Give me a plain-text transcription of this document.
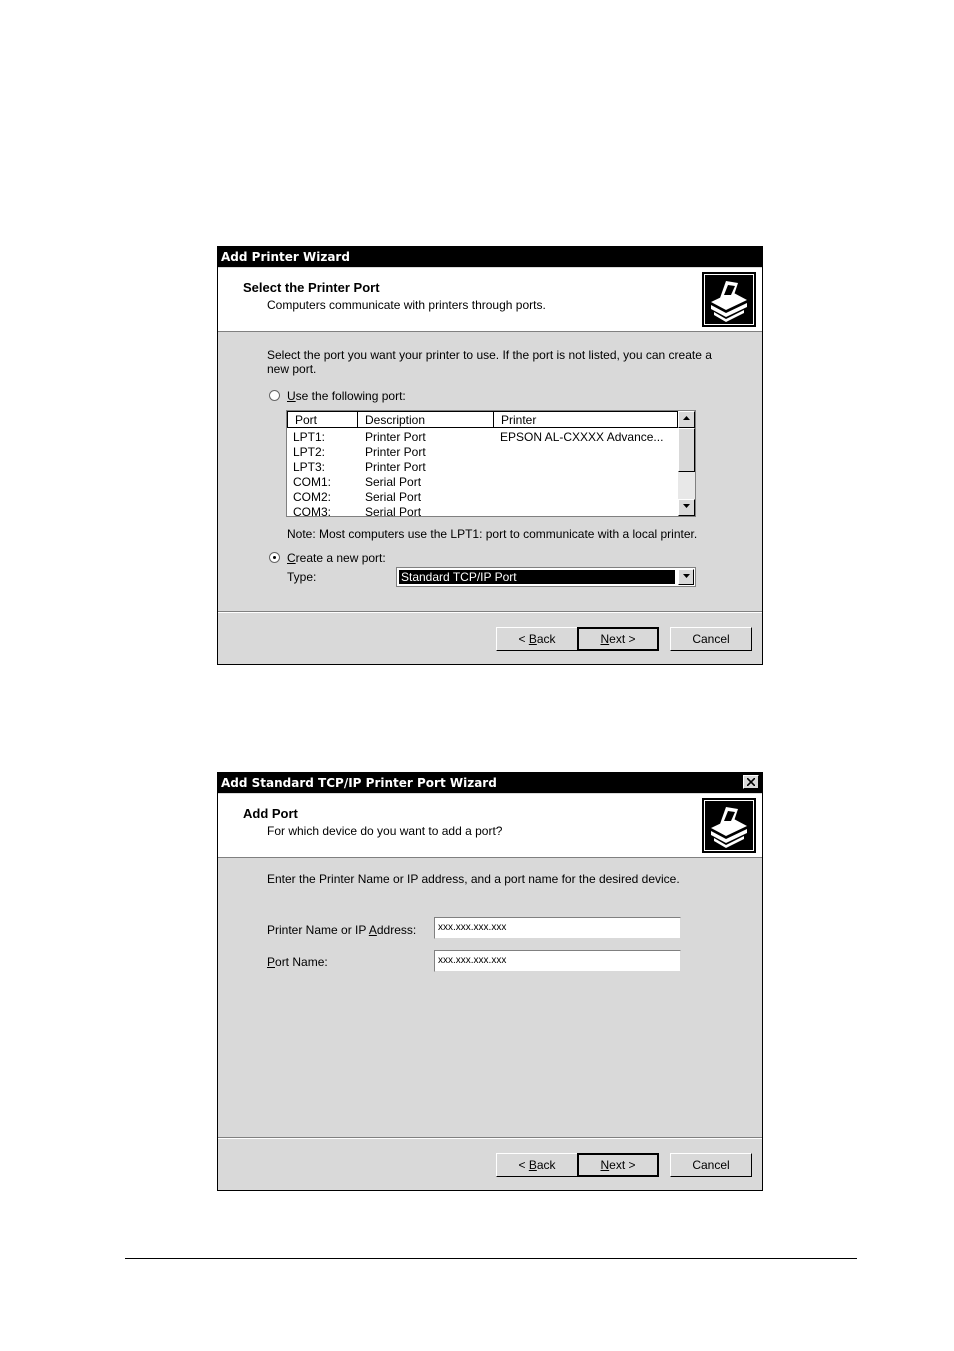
Add Printer Wizard
Select the Printer Port
Computers communicate with printers through ports.
Select the port you want your printer to use. If the port is not listed, you can create a
new port.
Use the following port:
Port	Description	Printer
LPT1:	Printer Port	EPSON AL-CXXXX Advance...
LPT2:	Printer Port
LPT3:	Printer Port
COM1:	Serial Port
COM2:	Serial Port
COM3:	Serial Port
Note: Most computers use the LPT1: port to communicate with a local printer.
Create a new port:
Type:	Standard TCP/IP Port
< Back	Next >	Cancel
Add Standard TCP/IP Printer Port Wizard
Add Port
For which device do you want to add a port?
Enter the Printer Name or IP address, and a port name for the desired device.
Printer Name or IP Address:	xxx.xxx.xxx.xxx
Port Name:	xxx.xxx.xxx.xxx
< Back	Next >	Cancel
